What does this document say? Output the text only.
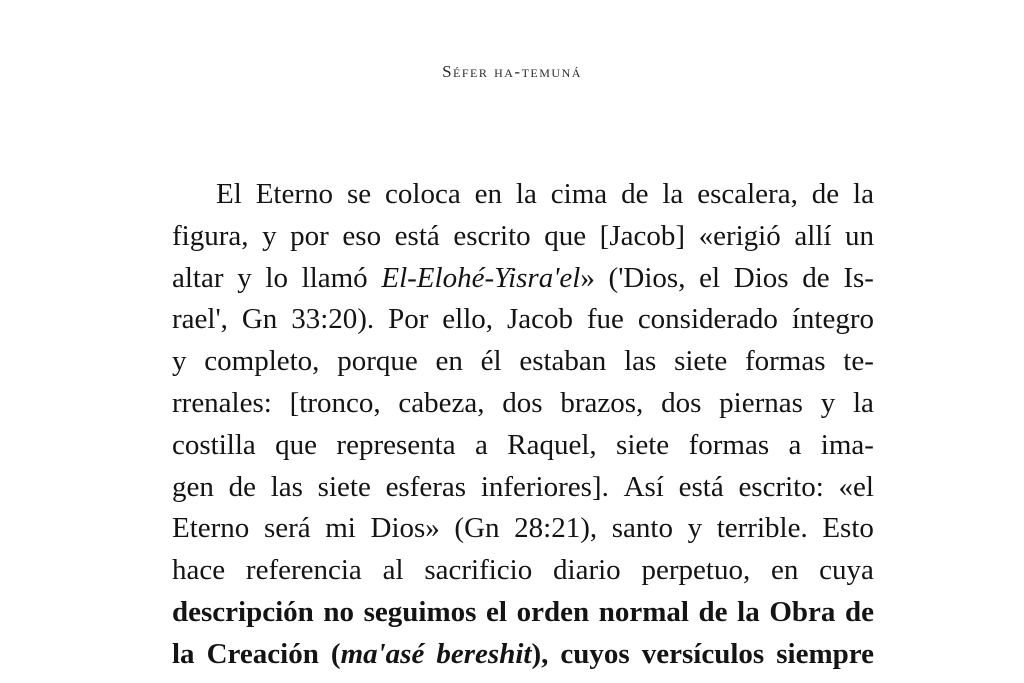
Séfer ha-temuná
El Eterno se coloca en la cima de la escalera, de la
figura, y por eso está escrito que [Jacob] «erigió allí un
altar y lo llamó El-Elohé-Yisra'el» ('Dios, el Dios de Is-
rael', Gn 33:20). Por ello, Jacob fue considerado íntegro
y completo, porque en él estaban las siete formas te-
rrenales: [tronco, cabeza, dos brazos, dos piernas y la
costilla que representa a Raquel, siete formas a ima-
gen de las siete esferas inferiores]. Así está escrito: «el
Eterno será mi Dios» (Gn 28:21), santo y terrible. Esto
hace referencia al sacrificio diario perpetuo, en cuya
descripción no seguimos el orden normal de la Obra de
la Creación (ma'asé bereshit), cuyos versículos siempre
